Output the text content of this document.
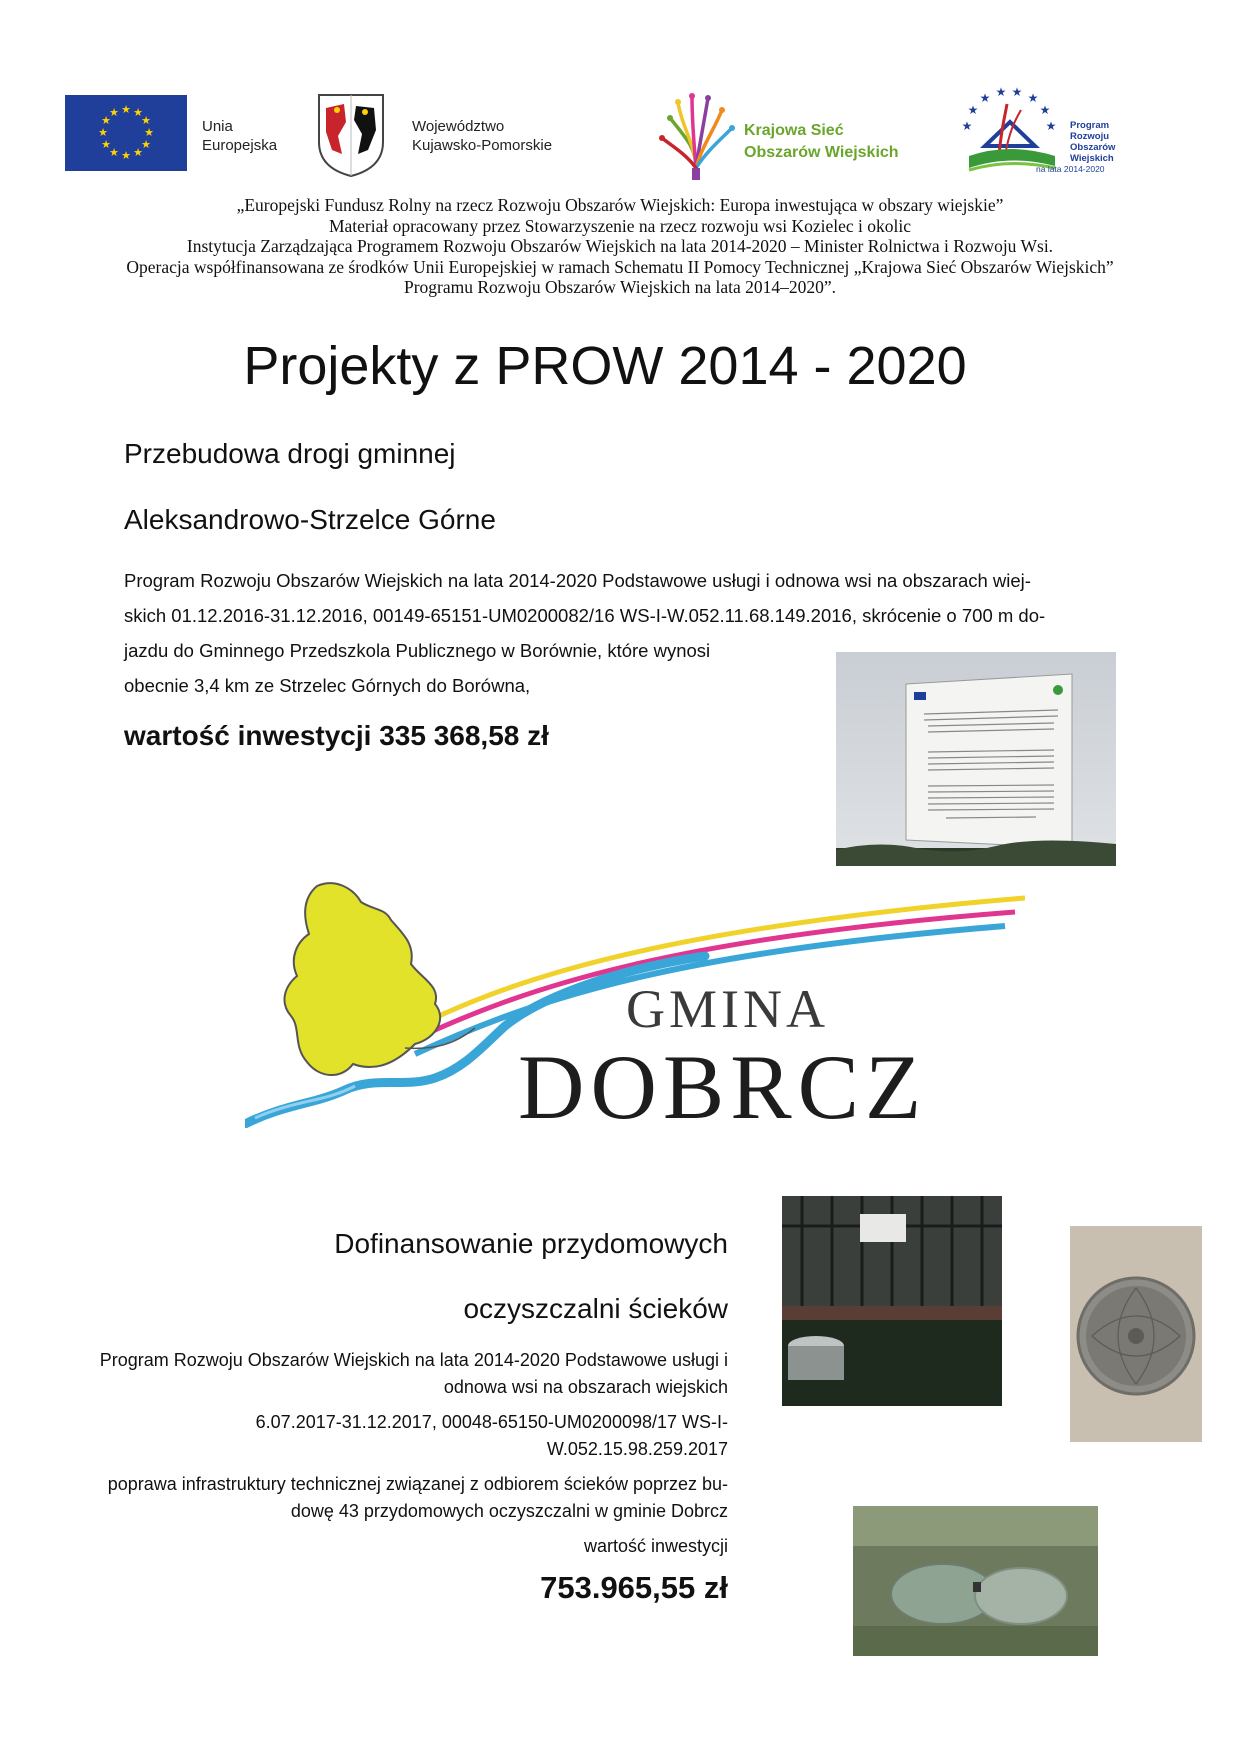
★ ★
★
★
★
★
★
★
★
★
★
★
Unia
Europejska
Województwo
Kujawsko-Pomorskie
Krajowa Sieć
Obszarów Wiejskich
★
★
★ ★ ★ ★
★
★ Program
Rozwoju
Obszarów
Wiejskich
na lata 2014-2020
„Europejski Fundusz Rolny na rzecz Rozwoju Obszarów Wiejskich: Europa inwestująca w obszary wiejskie”
Materiał opracowany przez Stowarzyszenie na rzecz rozwoju wsi Kozielec i okolic
Instytucja Zarządzająca Programem Rozwoju Obszarów Wiejskich na lata 2014-2020 – Minister Rolnictwa i Rozwoju Wsi.
Operacja współfinansowana ze środków Unii Europejskiej w ramach Schematu II Pomocy Technicznej „Krajowa Sieć Obszarów Wiejskich”
Programu Rozwoju Obszarów Wiejskich na lata 2014–2020”.
Projekty z PROW 2014 - 2020
Przebudowa drogi gminnej
Aleksandrowo-Strzelce Górne
Program Rozwoju Obszarów Wiejskich na lata 2014-2020 Podstawowe usługi i odnowa wsi na obszarach wiej-
skich 01.12.2016-31.12.2016, 00149-65151-UM0200082/16 WS-I-W.052.11.68.149.2016, skrócenie o 700 m do-
jazdu do Gminnego Przedszkola Publicznego w Borównie, które wynosi
obecnie 3,4 km ze Strzelec Górnych do Borówna,
wartość inwestycji 335 368,58 zł
GMINA
DOBRCZ
Dofinansowanie przydomowych
oczyszczalni ścieków
Program Rozwoju Obszarów Wiejskich na lata 2014-2020 Podstawowe usługi i
odnowa wsi na obszarach wiejskich
6.07.2017-31.12.2017, 00048-65150-UM0200098/17 WS-I-
W.052.15.98.259.2017
poprawa infrastruktury technicznej związanej z odbiorem ścieków poprzez bu-
dowę 43 przydomowych oczyszczalni w gminie Dobrcz
wartość inwestycji
753.965,55 zł
